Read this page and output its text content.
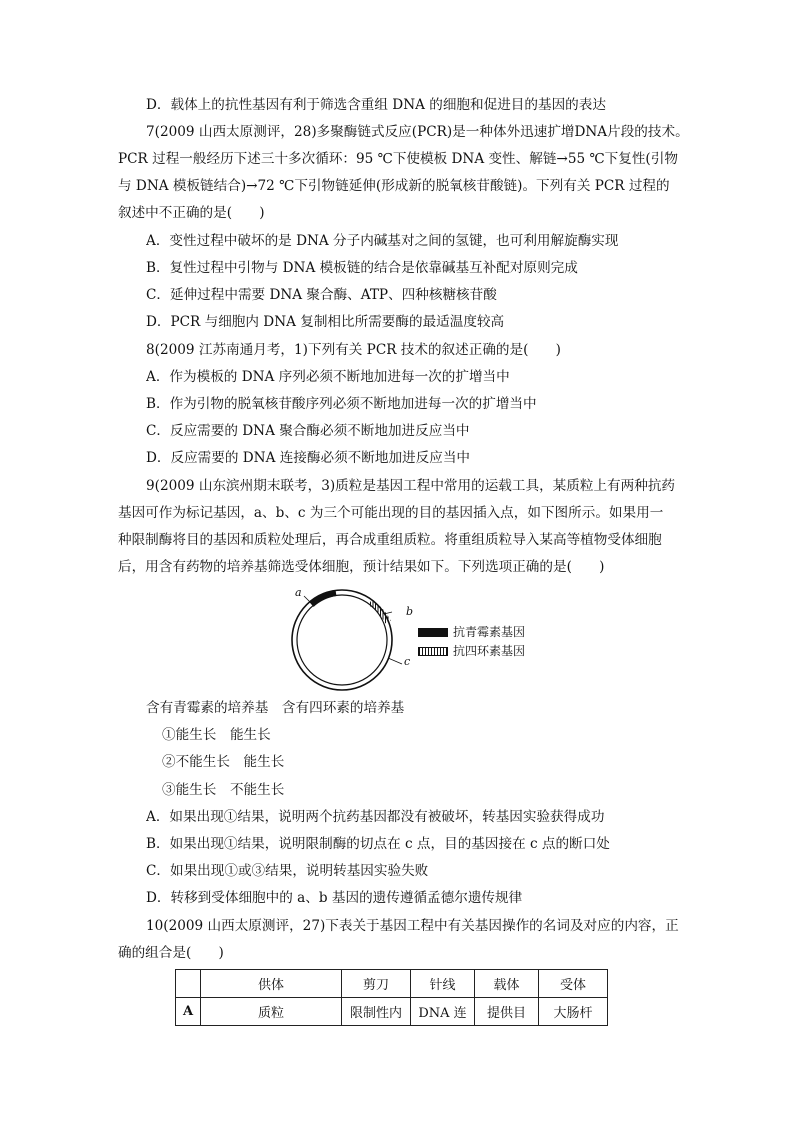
D．载体上的抗性基因有利于筛选含重组 DNA 的细胞和促进目的基因的表达
7(2009 山西太原测评，28)多聚酶链式反应(PCR)是一种体外迅速扩增DNA片段的技术。
PCR 过程一般经历下述三十多次循环：95 ℃下使模板 DNA 变性、解链→55 ℃下复性(引物
与 DNA 模板链结合)→72 ℃下引物链延伸(形成新的脱氧核苷酸链)。下列有关 PCR 过程的
叙述中不正确的是(　　)
A．变性过程中破坏的是 DNA 分子内碱基对之间的氢键，也可利用解旋酶实现
B．复性过程中引物与 DNA 模板链的结合是依靠碱基互补配对原则完成
C．延伸过程中需要 DNA 聚合酶、ATP、四种核糖核苷酸
D．PCR 与细胞内 DNA 复制相比所需要酶的最适温度较高
8(2009 江苏南通月考，1)下列有关 PCR 技术的叙述正确的是(　　)
A．作为模板的 DNA 序列必须不断地加进每一次的扩增当中
B．作为引物的脱氧核苷酸序列必须不断地加进每一次的扩增当中
C．反应需要的 DNA 聚合酶必须不断地加进反应当中
D．反应需要的 DNA 连接酶必须不断地加进反应当中
9(2009 山东滨州期末联考，3)质粒是基因工程中常用的运载工具，某质粒上有两种抗药
基因可作为标记基因，a、b、c 为三个可能出现的目的基因插入点，如下图所示。如果用一
种限制酶将目的基因和质粒处理后，再合成重组质粒。将重组质粒导入某高等植物受体细胞
后，用含有药物的培养基筛选受体细胞，预计结果如下。下列选项正确的是(　　)
a
b
c
抗青霉素基因
抗四环素基因
含有青霉素的培养基　含有四环素的培养基
①能生长　能生长
②不能生长　能生长
③能生长　不能生长
A．如果出现①结果，说明两个抗药基因都没有被破坏，转基因实验获得成功
B．如果出现①结果，说明限制酶的切点在 c 点，目的基因接在 c 点的断口处
C．如果出现①或③结果，说明转基因实验失败
D．转移到受体细胞中的 a、b 基因的遗传遵循孟德尔遗传规律
10(2009 山西太原测评，27)下表关于基因工程中有关基因操作的名词及对应的内容，正
确的组合是(　　)
	供体	剪刀	针线	载体	受体
A	质粒	限制性内	DNA 连	提供目	大肠杆
